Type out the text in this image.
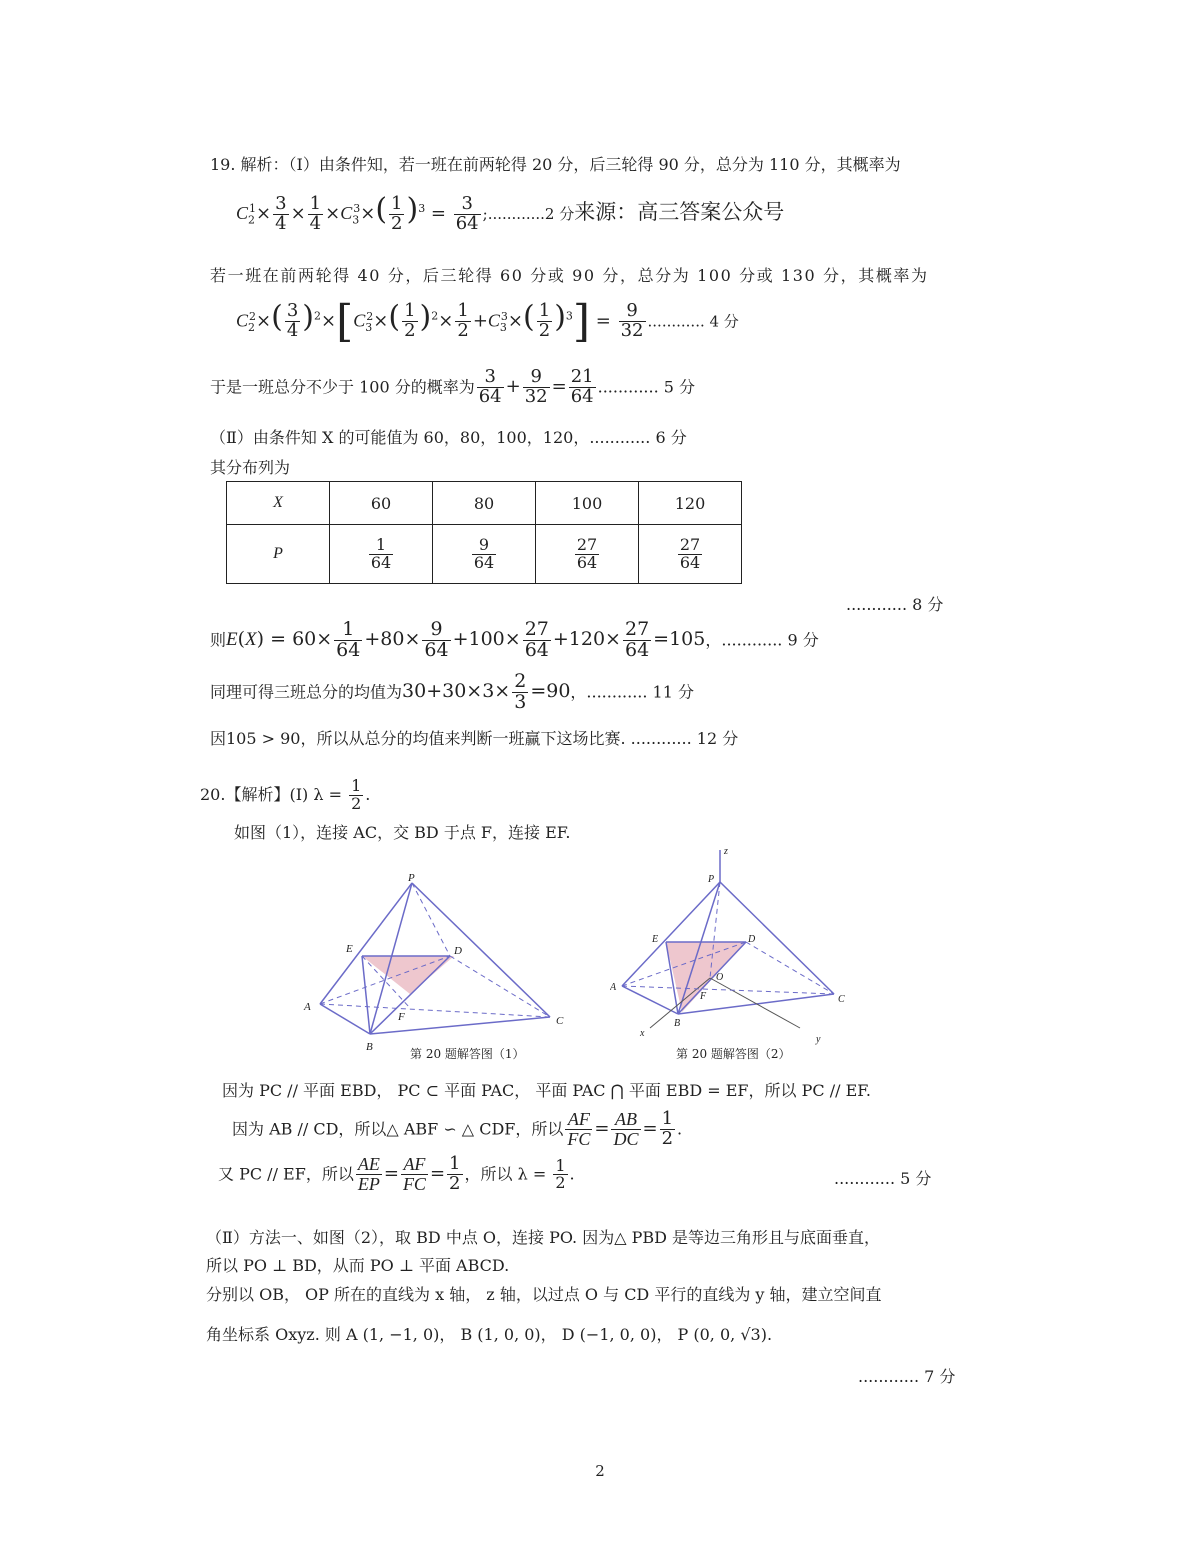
19. 解析：（Ⅰ）由条件知，若一班在前两轮得 20 分，后三轮得 90 分，总分为 110 分，其概率为
$C_2^1\times \frac{3}{4} \times \frac{1}{4} \times C_3^3\times( \frac{1}{2} )^3 = \frac{3}{64}$ ;............2 分来源：高三答案公众号
若一班在前两轮得 40 分，后三轮得 60 分或 90 分，总分为 100 分或 130 分，其概率为
$C_2^2\times( \frac{3}{4} )^2\times[C_3^2\times( \frac{1}{2} )^2\times \frac{1}{2} +C_3^3\times( \frac{1}{2} )^3] = \frac{9}{32}$ ............ 4 分
于是一班总分不少于 100 分的概率为 $\frac{3}{64} + \frac{9}{32} = \frac{21}{64}$ ............ 5 分
（Ⅱ）由条件知 X 的可能值为 60，80，100，120，............ 6 分
其分布列为
X	60	80	100	120
P	$\frac{1}{64}$	$\frac{9}{64}$	$\frac{27}{64}$	$\frac{27}{64}$
............ 8 分
则$E(X) = 60\times \frac{1}{64} +80\times \frac{9}{64} +100\times \frac{27}{64} +120\times \frac{27}{64} =105$，............ 9 分
同理可得三班总分的均值为$30+30\times 3\times \frac{2}{3} =90$，............ 11 分
因105 > 90，所以从总分的均值来判断一班赢下这场比赛. ............ 12 分
20.【解析】(Ⅰ) $\lambda = \frac{1}{2}$ .
如图（1），连接 AC，交 BD 于点 F，连接 EF.
P
E	D
A
F
B
C
第 20 题解答图（1）
z
P
E	D
A
O
F
B
C
x
y
第 20 题解答图（2）
因为 PC // 平面 EBD， PC ⊂ 平面 PAC， 平面 PAC ⋂ 平面 EBD = EF，所以 PC // EF.
因为 AB // CD，所以△ ABF ∽ △ CDF，所以 $\frac{AF}{FC} = \frac{AB}{DC} = \frac{1}{2}$ .
又 PC // EF，所以 $\frac{AE}{EP} = \frac{AF}{FC} = \frac{1}{2}$ ，所以 $\lambda = \frac{1}{2}$ .	............ 5 分
（Ⅱ）方法一、如图（2），取 BD 中点 O，连接 PO. 因为△ PBD 是等边三角形且与底面垂直，
所以 PO ⊥ BD，从而 PO ⊥ 平面 ABCD.
分别以 OB， OP 所在的直线为 x 轴， z 轴，以过点 O 与 CD 平行的直线为 y 轴，建立空间直
角坐标系 Oxyz. 则 A (1, −1, 0)， B (1, 0, 0)， D (−1, 0, 0)， P (0, 0, √3).
............ 7 分
2
